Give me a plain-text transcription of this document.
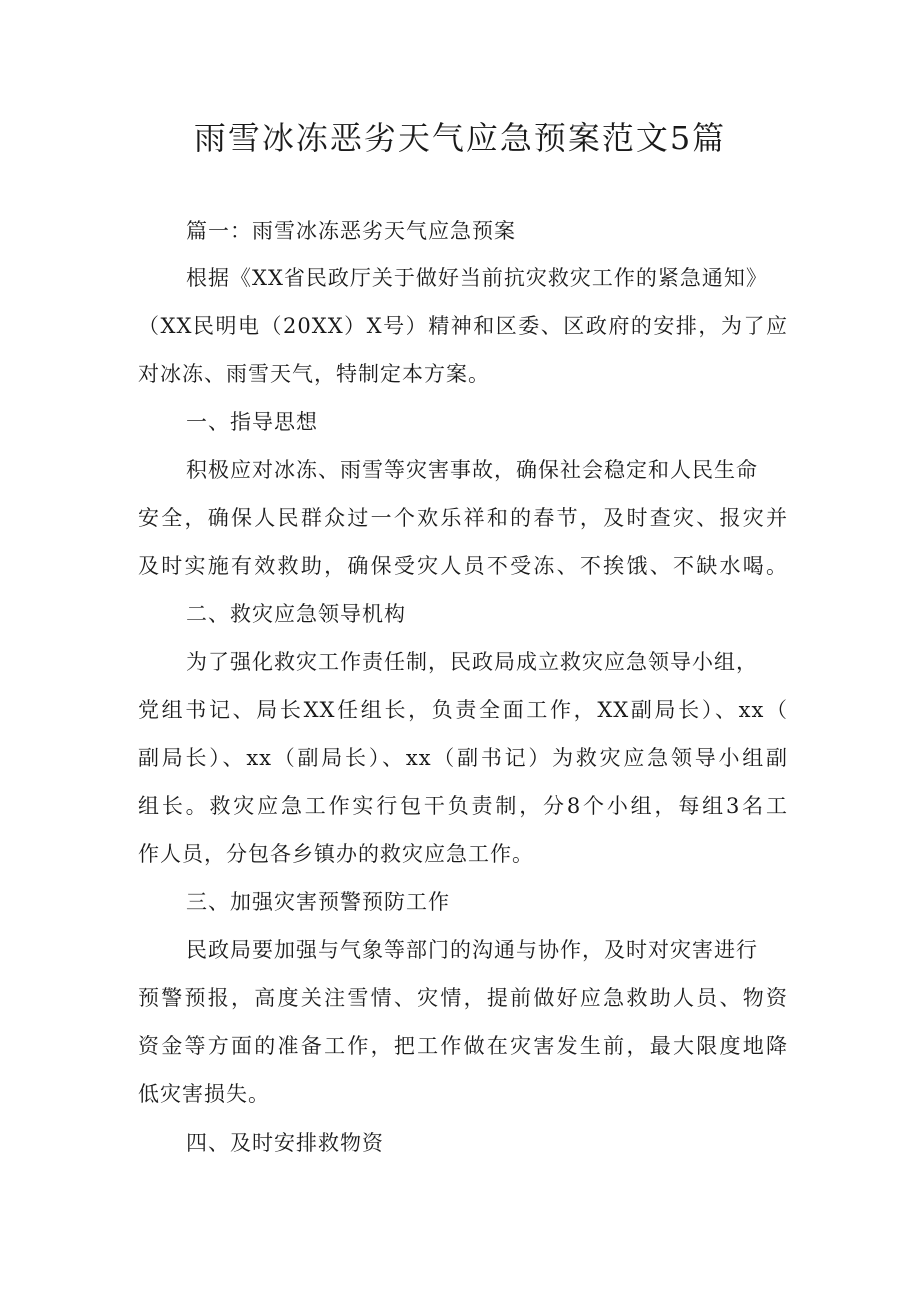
雨雪冰冻恶劣天气应急预案范文5篇

篇一：雨雪冰冻恶劣天气应急预案

根据《XX省民政厅关于做好当前抗灾救灾工作的紧急通知》

（XX民明电（20XX）X号）精神和区委、区政府的安排，为了应

对冰冻、雨雪天气，特制定本方案。

一、指导思想

积极应对冰冻、雨雪等灾害事故，确保社会稳定和人民生命

安全，确保人民群众过一个欢乐祥和的春节，及时查灾、报灾并

及时实施有效救助，确保受灾人员不受冻、不挨饿、不缺水喝。

二、救灾应急领导机构

为了强化救灾工作责任制，民政局成立救灾应急领导小组，

党组书记、局长XX任组长，负责全面工作，XX副局长）、xx（

副局长）、xx（副局长）、xx（副书记）为救灾应急领导小组副

组长。救灾应急工作实行包干负责制，分8个小组，每组3名工

作人员，分包各乡镇办的救灾应急工作。

三、加强灾害预警预防工作

民政局要加强与气象等部门的沟通与协作，及时对灾害进行

预警预报，高度关注雪情、灾情，提前做好应急救助人员、物资

资金等方面的准备工作，把工作做在灾害发生前，最大限度地降

低灾害损失。

四、及时安排救物资
